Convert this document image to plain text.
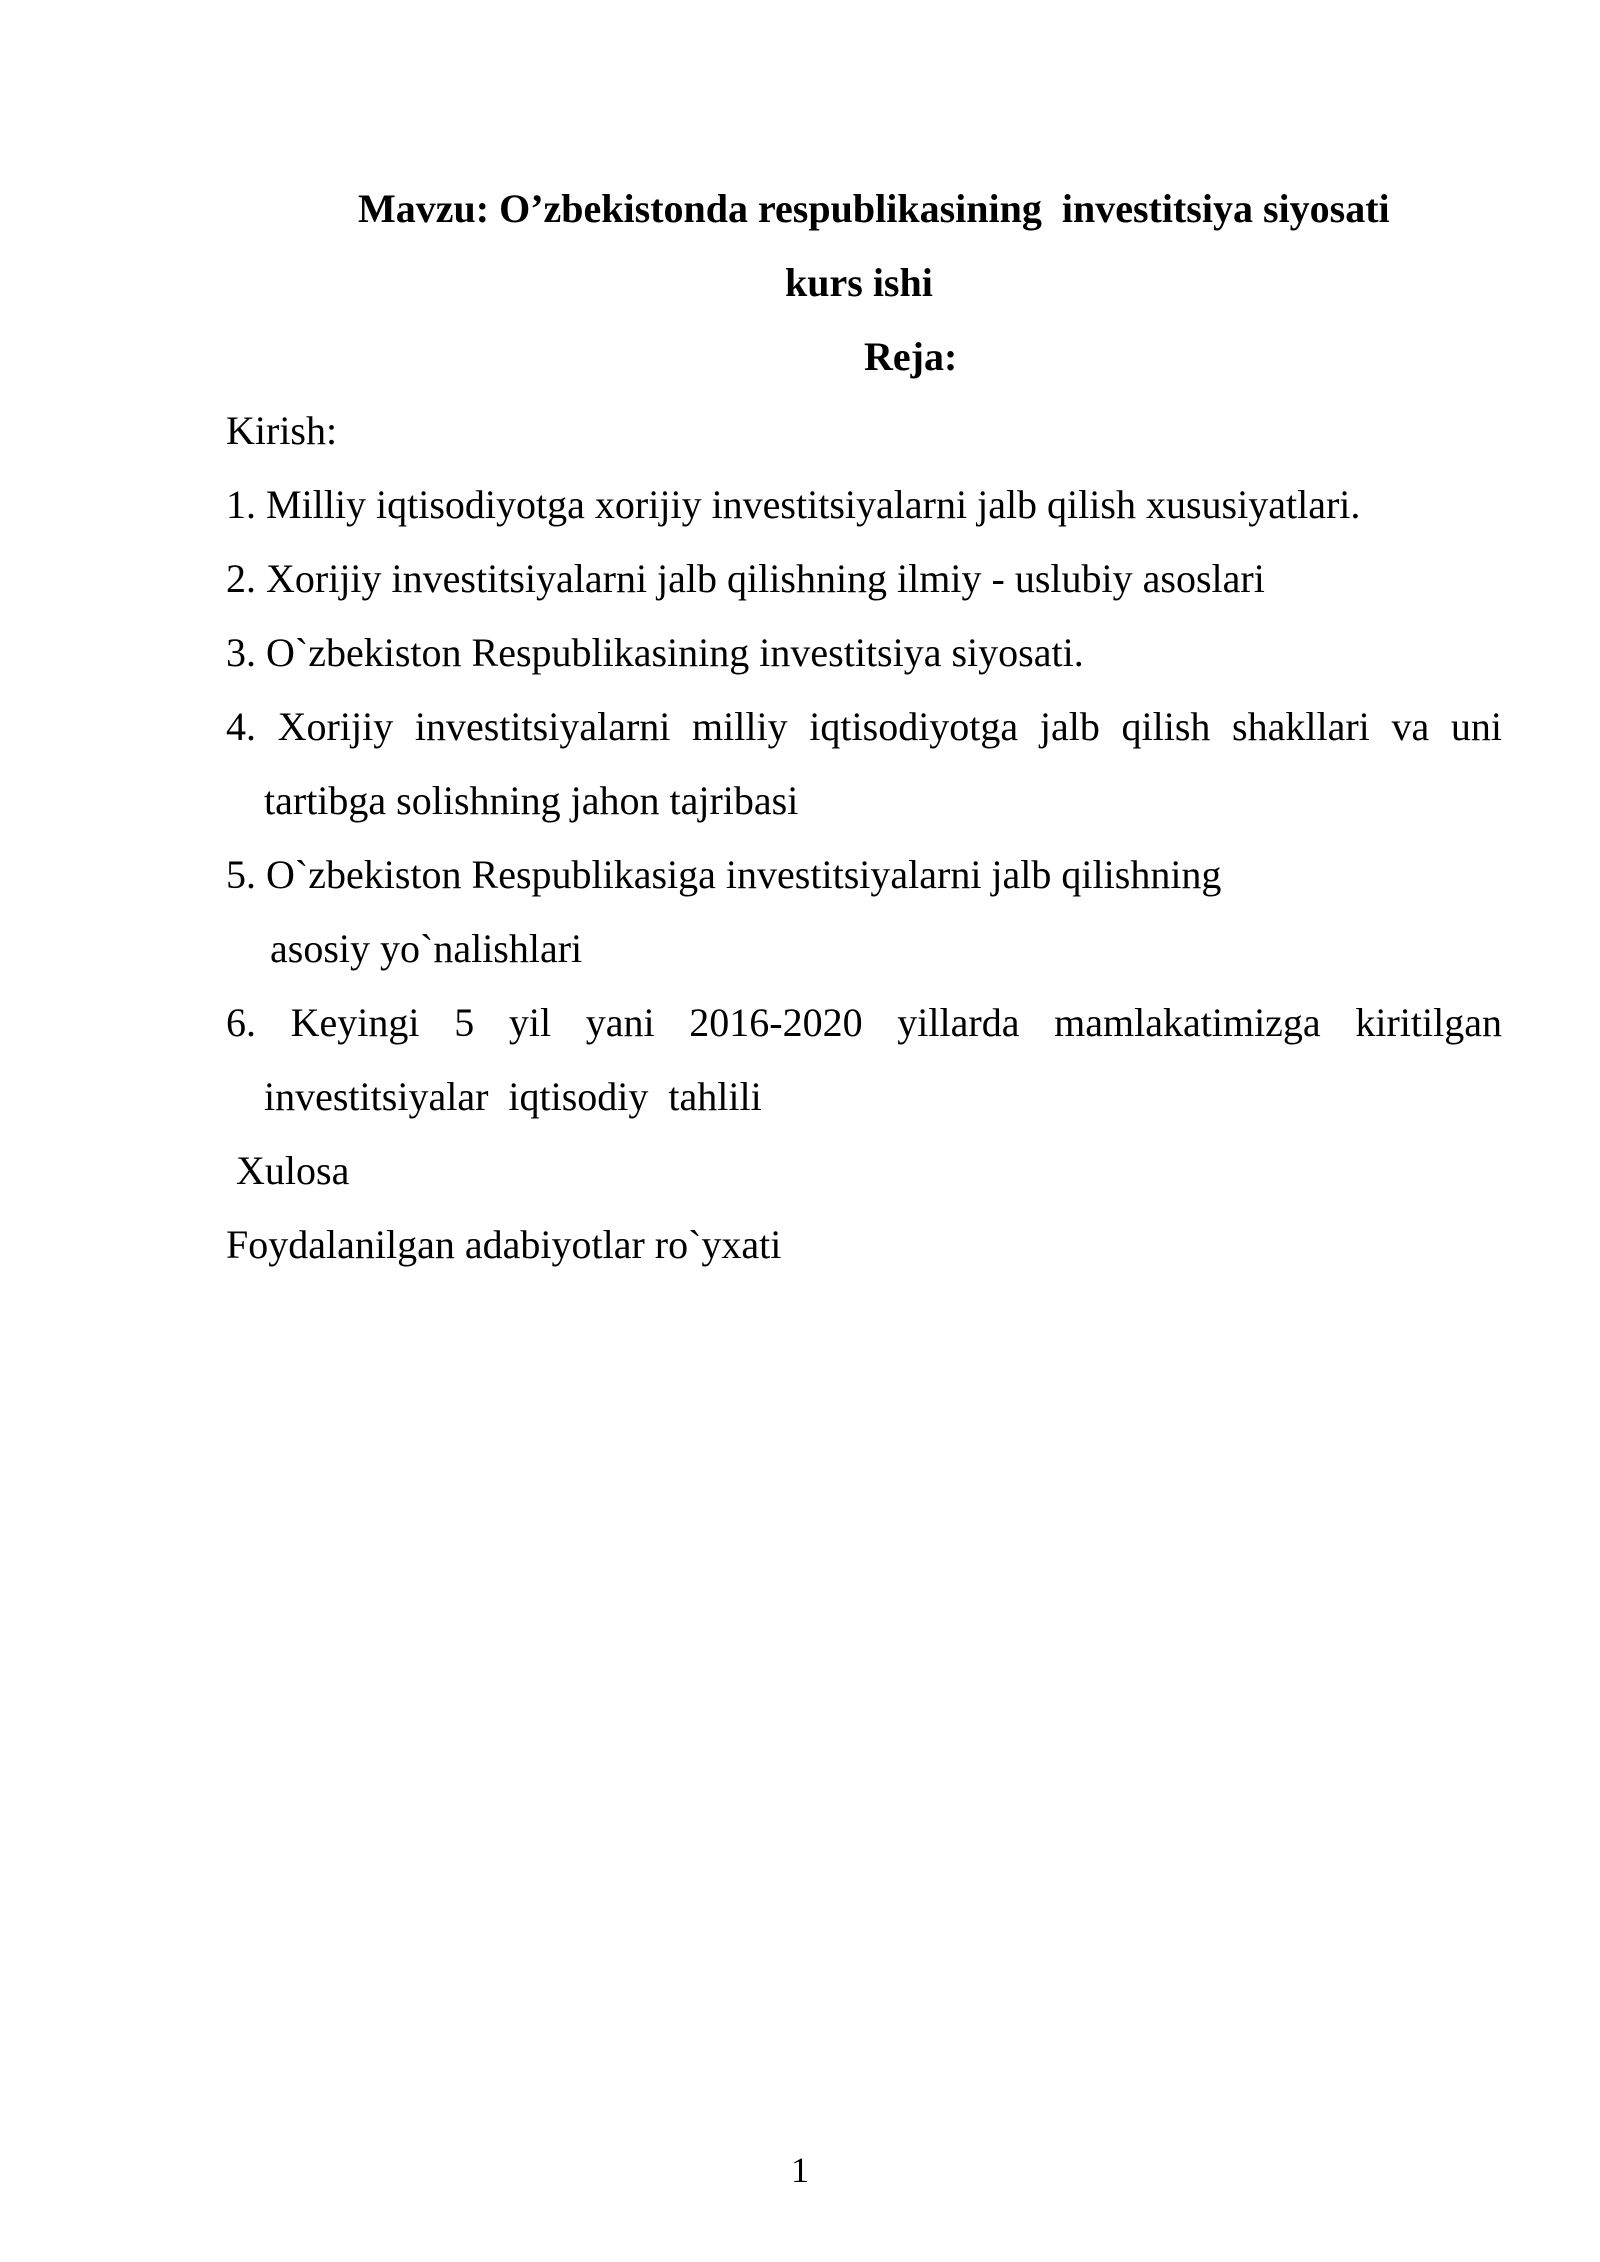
Mavzu: O’zbekistonda respublikasining  investitsiya siyosati

kurs ishi

Reja:

Kirish:

1. Milliy iqtisodiyotga xorijiy investitsiyalarni jalb qilish xususiyatlari.

2. Xorijiy investitsiyalarni jalb qilishning ilmiy - uslubiy asoslari

3. O`zbekiston Respublikasining investitsiya siyosati.

4. Xorijiy investitsiyalarni milliy iqtisodiyotga jalb qilish shakllari va uni

tartibga solishning jahon tajribasi

5. O`zbekiston Respublikasiga investitsiyalarni jalb qilishning

asosiy yo`nalishlari

6. Keyingi 5 yil yani 2016-2020 yillarda mamlakatimizga kiritilgan

investitsiyalar  iqtisodiy  tahlili

Xulosa

Foydalanilgan adabiyotlar ro`yxati

1
